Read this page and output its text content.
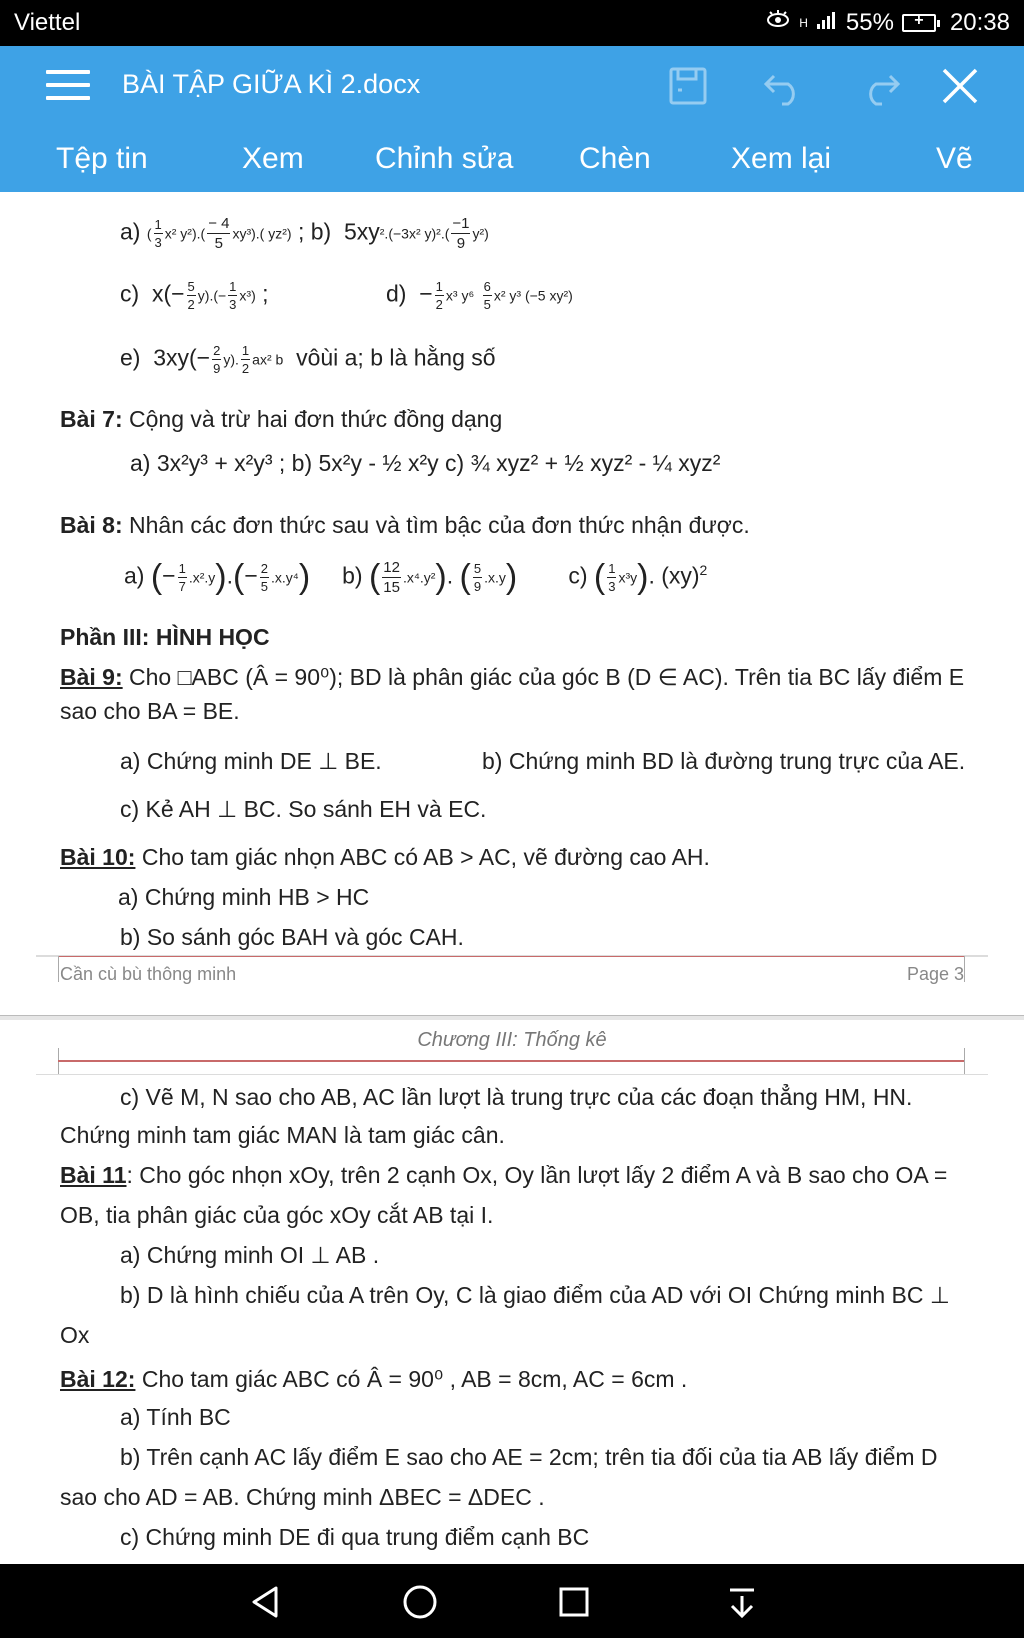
Viettel	H 55%	+	20:38
BÀI TẬP GIỮA KÌ 2.docx
Tệp tin	Xem Chỉnh sửa Chèn	Xem lại	Vẽ
a) ( $\frac{1}{3} x^2$ $y^2).( \frac{- 4}{5} xy^3)$.( yz²) ; b)  5xy².(−3x² $y)^2.( \frac{-1}{9} y^2)$
c)  $x(- \frac{5}{2} y).(- \frac{1}{3} x^3)$ ;	$d) - \frac{1}{2} x^3$ $y^6 \frac{6}{5} x^2$ y³ (−5 xy²)
e)  $3xy(- \frac{2}{9} y)$. $\frac{1}{2} ax^2$ b vôùi a; b là hằng số
Bài 7: Cộng và trừ hai đơn thức đồng dạng
a) 3x²y³ + x²y³ ; b) 5x²y - ½ x²y c) ¾ xyz² + ½ xyz² - ¼ xyz²
Bài 8: Nhân các đơn thức sau và tìm bậc của đơn thức nhận được.
a) (− $\frac{1}{7} .x^2.y).(- \frac{2}{5} .x.y^4)$     b) ( $\frac{12}{15} .x^4.y^2$). ( $\frac{5}{9} .x.y$)        c) ( $\frac{1}{3} x^3y$). (xy)$^2$
Phần III: HÌNH HỌC
Bài 9: Cho □ABC (Â = 90⁰); BD là phân giác của góc B (D ∈ AC). Trên tia BC lấy điểm E
sao cho BA = BE.
a) Chứng minh DE ⊥ BE.	b) Chứng minh BD là đường trung trực của AE.
c) Kẻ AH ⊥ BC. So sánh EH và EC.
Bài 10: Cho tam giác nhọn ABC có AB > AC, vẽ đường cao AH.
a) Chứng minh HB > HC
b) So sánh góc BAH và góc CAH.
Cần cù bù thông minh	Page 3
Chương III: Thống kê
c) Vẽ M, N sao cho AB, AC lần lượt là trung trực của các đoạn thẳng HM, HN.
Chứng minh tam giác MAN là tam giác cân.
Bài 11: Cho góc nhọn xOy, trên 2 cạnh Ox, Oy lần lượt lấy 2 điểm A và B sao cho OA =
OB, tia phân giác của góc xOy cắt AB tại I.
a) Chứng minh OI ⊥ AB .
b) D là hình chiếu của A trên Oy, C là giao điểm của AD với OI Chứng minh BC ⊥
Ox
Bài 12: Cho tam giác ABC có Â = 90⁰ , AB = 8cm, AC = 6cm .
a) Tính BC
b) Trên cạnh AC lấy điểm E sao cho AE = 2cm; trên tia đối của tia AB lấy điểm D
sao cho AD = AB. Chứng minh ΔBEC = ΔDEC .
c) Chứng minh DE đi qua trung điểm cạnh BC
